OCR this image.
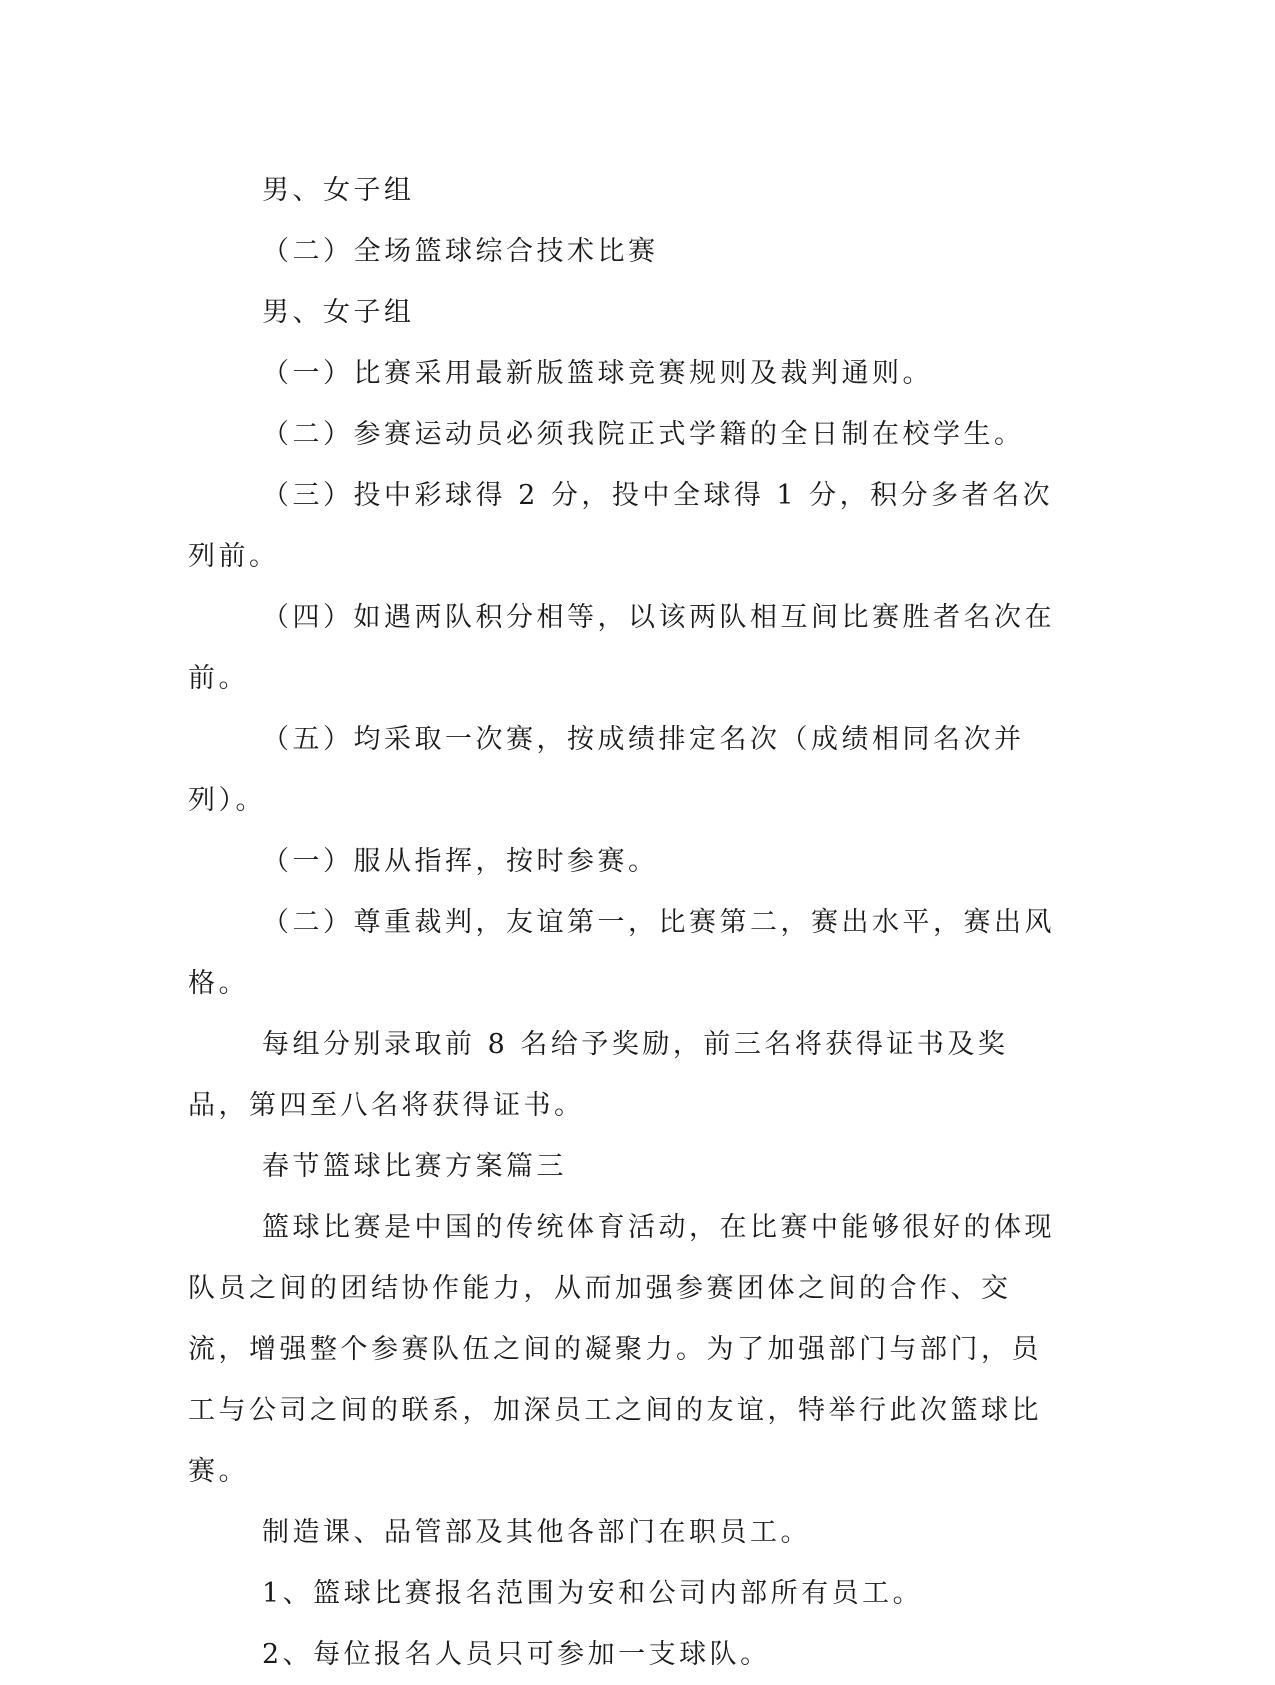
男、女子组

（二）全场篮球综合技术比赛

男、女子组

（一）比赛采用最新版篮球竞赛规则及裁判通则。

（二）参赛运动员必须我院正式学籍的全日制在校学生。

（三）投中彩球得 2 分，投中全球得 1 分，积分多者名次列前。

（四）如遇两队积分相等，以该两队相互间比赛胜者名次在前。

（五）均采取一次赛，按成绩排定名次（成绩相同名次并列）。

（一）服从指挥，按时参赛。

（二）尊重裁判，友谊第一，比赛第二，赛出水平，赛出风格。

每组分别录取前 8 名给予奖励，前三名将获得证书及奖品，第四至八名将获得证书。

春节篮球比赛方案篇三

篮球比赛是中国的传统体育活动，在比赛中能够很好的体现队员之间的团结协作能力，从而加强参赛团体之间的合作、交流，增强整个参赛队伍之间的凝聚力。为了加强部门与部门，员工与公司之间的联系，加深员工之间的友谊，特举行此次篮球比赛。

制造课、品管部及其他各部门在职员工。

1、篮球比赛报名范围为安和公司内部所有员工。

2、每位报名人员只可参加一支球队。
